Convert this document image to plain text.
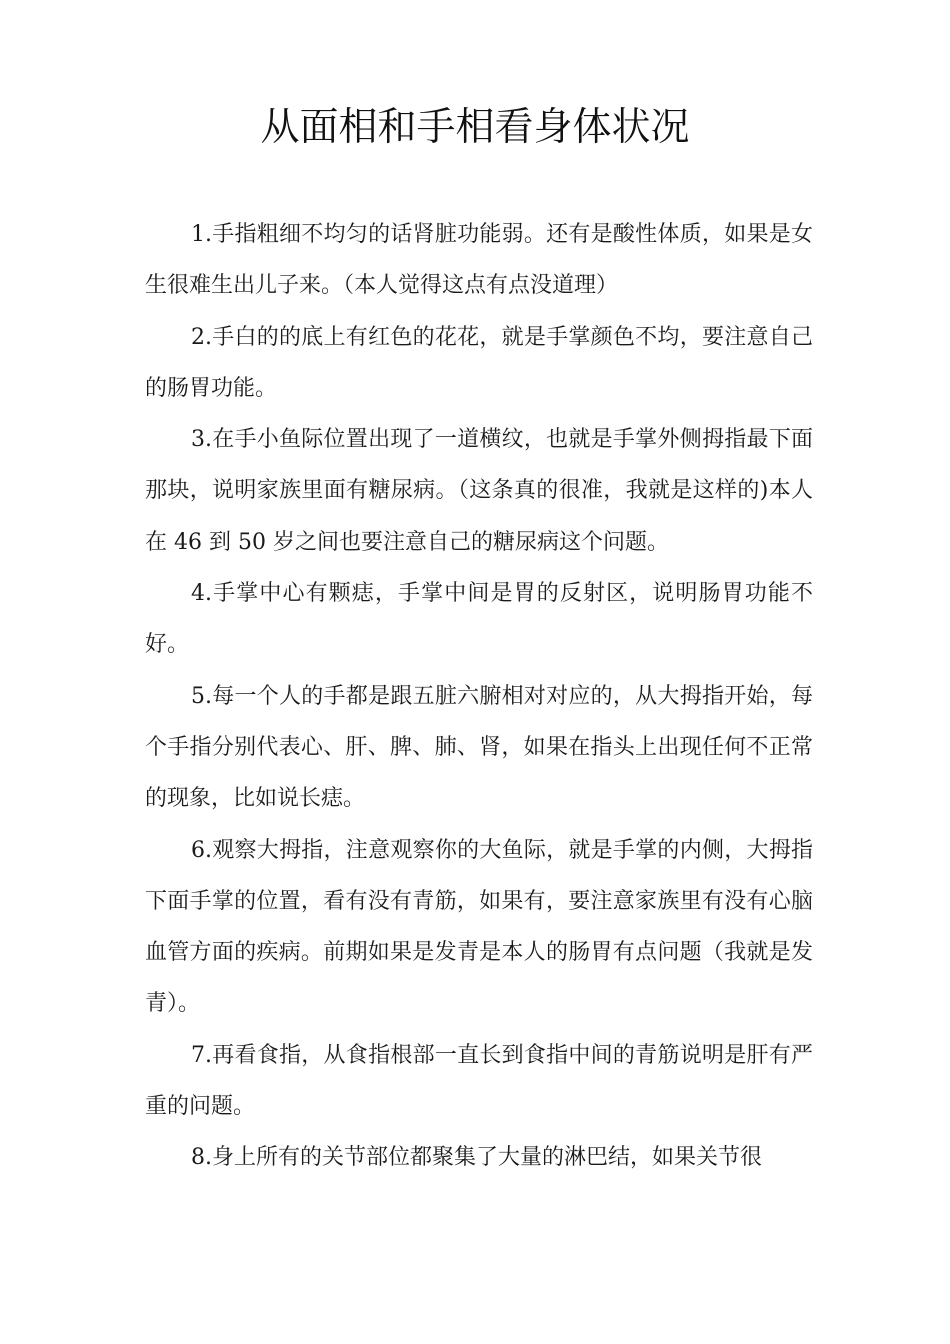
从面相和手相看身体状况

1.手指粗细不均匀的话肾脏功能弱。还有是酸性体质，如果是女生很难生出儿子来。（本人觉得这点有点没道理）

2.手白的的底上有红色的花花，就是手掌颜色不均，要注意自己的肠胃功能。

3.在手小鱼际位置出现了一道横纹，也就是手掌外侧拇指最下面那块，说明家族里面有糖尿病。（这条真的很准，我就是这样的)本人在 46 到 50 岁之间也要注意自己的糖尿病这个问题。

4.手掌中心有颗痣，手掌中间是胃的反射区，说明肠胃功能不好。

5.每一个人的手都是跟五脏六腑相对对应的，从大拇指开始，每个手指分别代表心、肝、脾、肺、肾，如果在指头上出现任何不正常的现象，比如说长痣。

6.观察大拇指，注意观察你的大鱼际，就是手掌的内侧，大拇指下面手掌的位置，看有没有青筋，如果有，要注意家族里有没有心脑血管方面的疾病。前期如果是发青是本人的肠胃有点问题（我就是发青）。

7.再看食指，从食指根部一直长到食指中间的青筋说明是肝有严重的问题。

8.身上所有的关节部位都聚集了大量的淋巴结，如果关节很
